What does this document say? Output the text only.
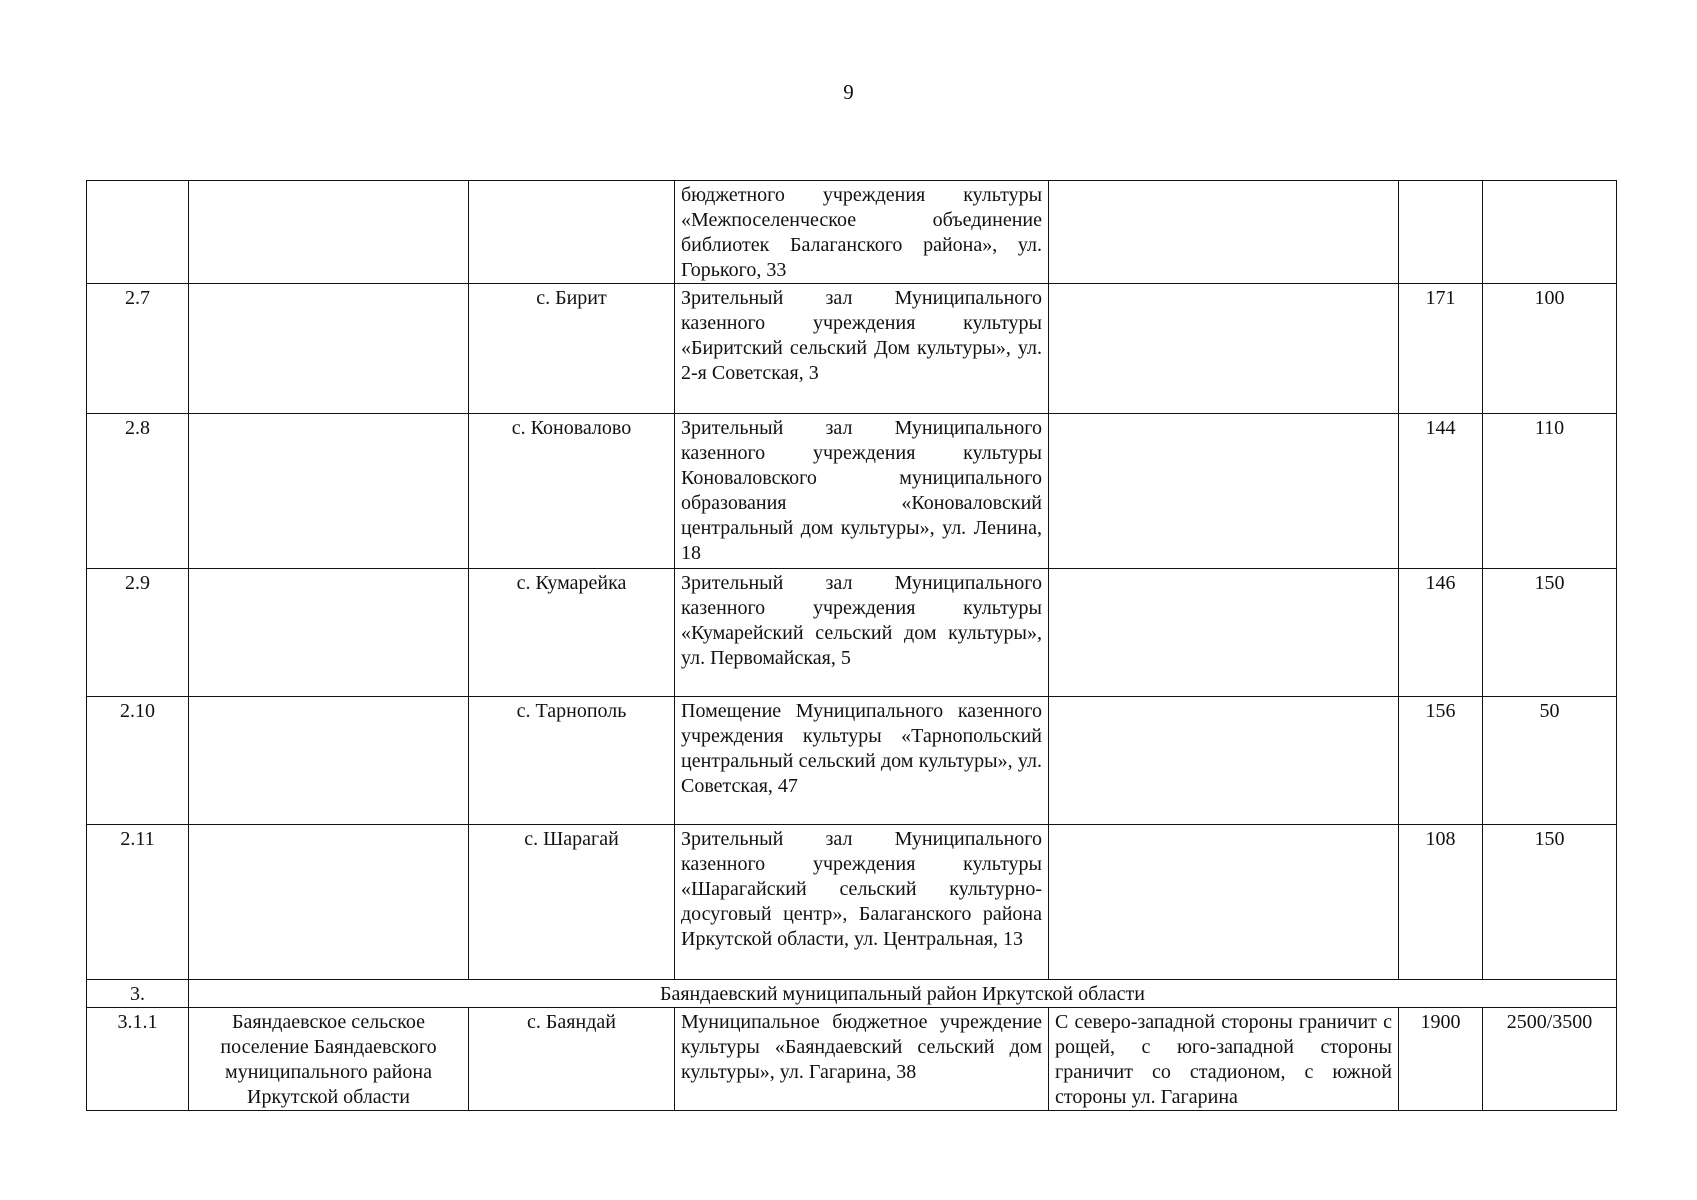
9
			бюджетного учреждения культуры «Межпоселенческое объединение библиотек Балаганского района», ул. Горького, 33			
2.7		с. Бирит	Зрительный зал Муниципального казенного учреждения культуры «Биритский сельский Дом культуры», ул. 2-я Советская, 3		171	100
2.8		с. Коновалово	Зрительный зал Муниципального казенного учреждения культуры Коноваловского муниципального образования «Коноваловский центральный дом культуры», ул. Ленина, 18		144	110
2.9		с. Кумарейка	Зрительный зал Муниципального казенного учреждения культуры «Кумарейский сельский дом культуры», ул. Первомайская, 5		146	150
2.10		с. Тарнополь	Помещение Муниципального казенного учреждения культуры «Тарнопольский центральный сельский дом культуры», ул. Советская, 47		156	50
2.11		с. Шарагай	Зрительный зал Муниципального казенного учреждения культуры «Шарагайский сельский культурно-досуговый центр», Балаганского района Иркутской области, ул. Центральная, 13		108	150
3.	Баяндаевский муниципальный район Иркутской области					
3.1.1	Баяндаевское сельское поселение Баяндаевского муниципального района Иркутской области	с. Баяндай	Муниципальное бюджетное учреждение культуры «Баяндаевский сельский дом культуры», ул. Гагарина, 38	С северо-западной стороны граничит с рощей, с юго-западной стороны граничит со стадионом, с южной стороны ул. Гагарина	1900	2500/3500
